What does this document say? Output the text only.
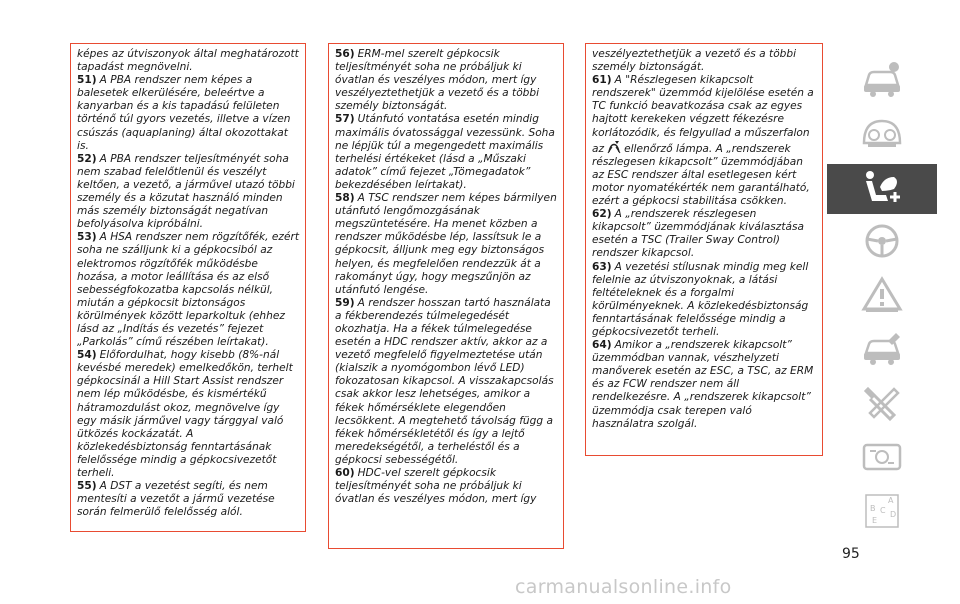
képes az útviszonyok által meghatározott tapadást megnövelni.

51) A PBA rendszer nem képes a balesetek elkerülésére, beleértve a kanyarban és a kis tapadású felületen történő túl gyors vezetés, illetve a vízen csúszás (aquaplaning) által okozottakat is.

52) A PBA rendszer teljesítményét soha nem szabad felelőtlenül és veszélyt keltően, a vezető, a járművel utazó többi személy és a közutat használó minden más személy biztonságát negatívan befolyásolva kipróbálni.

53) A HSA rendszer nem rögzítőfék, ezért soha ne szálljunk ki a gépkocsiból az elektromos rögzítőfék működésbe hozása, a motor leállítása és az első sebességfokozatba kapcsolás nélkül, miután a gépkocsit biztonságos körülmények között leparkoltuk (ehhez lásd az „Indítás és vezetés” fejezet „Parkolás” című részében leírtakat).

54) Előfordulhat, hogy kisebb (8%-nál kevésbé meredek) emelkedőkön, terhelt gépkocsinál a Hill Start Assist rendszer nem lép működésbe, és kismértékű hátramozdulást okoz, megnövelve így egy másik járművel vagy tárggyal való ütközés kockázatát. A közlekedésbiztonság fenntartásának felelőssége mindig a gépkocsivezetőt terheli.

55) A DST a vezetést segíti, és nem mentesíti a vezetőt a jármű vezetése során felmerülő felelősség alól.

56) ERM-mel szerelt gépkocsik teljesítményét soha ne próbáljuk ki óvatlan és veszélyes módon, mert így veszélyeztethetjük a vezető és a többi személy biztonságát.

57) Utánfutó vontatása esetén mindig maximális óvatossággal vezessünk. Soha ne lépjük túl a megengedett maximális terhelési értékeket (lásd a „Műszaki adatok” című fejezet „Tömegadatok” bekezdésében leírtakat).

58) A TSC rendszer nem képes bármilyen utánfutó lengőmozgásának megszüntetésére. Ha menet közben a rendszer működésbe lép, lassítsuk le a gépkocsit, álljunk meg egy biztonságos helyen, és megfelelően rendezzük át a rakományt úgy, hogy megszűnjön az utánfutó lengése.

59) A rendszer hosszan tartó használata a fékberendezés túlmelegedését okozhatja. Ha a fékek túlmelegedése esetén a HDC rendszer aktív, akkor az a vezető megfelelő figyelmeztetése után (kialszik a nyomógombon lévő LED) fokozatosan kikapcsol. A visszakapcsolás csak akkor lesz lehetséges, amikor a fékek hőmérséklete elegendően lecsökkent. A megtehető távolság függ a fékek hőmérsékletétől és így a lejtő meredekségétől, a terheléstől és a gépkocsi sebességétől.

60) HDC-vel szerelt gépkocsik teljesítményét soha ne próbáljuk ki óvatlan és veszélyes módon, mert így

veszélyeztethetjük a vezető és a többi személy biztonságát.

61) A "Részlegesen kikapcsolt rendszerek" üzemmód kijelölése esetén a TC funkció beavatkozása csak az egyes hajtott kerekeken végzett fékezésre korlátozódik, és felgyullad a műszerfalon

az ellenőrző lámpa. A „rendszerek részlegesen kikapcsolt” üzemmódjában az ESC rendszer által esetlegesen kért motor nyomatékérték nem garantálható, ezért a gépkocsi stabilitása csökken.

62) A „rendszerek részlegesen kikapcsolt” üzemmódjának kiválasztása esetén a TSC (Trailer Sway Control) rendszer kikapcsol.

63) A vezetési stílusnak mindig meg kell felelnie az útviszonyoknak, a látási feltételeknek és a forgalmi körülményeknek. A közlekedésbiztonság fenntartásának felelőssége mindig a gépkocsivezetőt terheli.

64) Amikor a „rendszerek kikapcsolt” üzemmódban vannak, vészhelyzeti manőverek esetén az ESC, a TSC, az ERM és az FCW rendszer nem áll rendelkezésre. A „rendszerek kikapcsolt” üzemmódja csak terepen való használatra szolgál.

A
B C D
E
95
carmanualsonline.info
